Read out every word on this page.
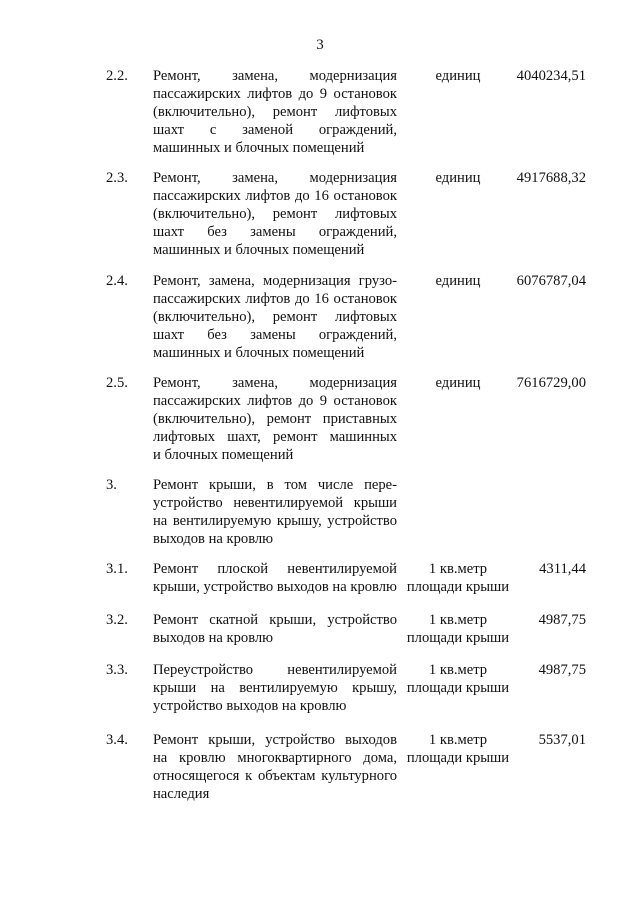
3
2.2. Ремонт, замена, модернизация
пассажирских лифтов до 9 остановок
(включительно), ремонт лифтовых
шахт с заменой ограждений,
машинных и блочных помещений
единиц	4040234,51
2.3. Ремонт, замена, модернизация
пассажирских лифтов до 16 остановок
(включительно), ремонт лифтовых
шахт без замены ограждений,
машинных и блочных помещений
единиц	4917688,32
2.4. Ремонт, замена, модернизация грузо-
пассажирских лифтов до 16 остановок
(включительно), ремонт лифтовых
шахт без замены ограждений,
машинных и блочных помещений
единиц	6076787,04
2.5. Ремонт, замена, модернизация
пассажирских лифтов до 9 остановок
(включительно), ремонт приставных
лифтовых шахт, ремонт машинных
и блочных помещений
единиц	7616729,00
3. Ремонт крыши, в том числе пере-
устройство невентилируемой крыши
на вентилируемую крышу, устройство
выходов на кровлю
3.1. Ремонт плоской невентилируемой
крыши, устройство выходов на кровлю
1 кв.метр
площади крыши
4311,44
3.2. Ремонт скатной крыши, устройство
выходов на кровлю
1 кв.метр
площади крыши
4987,75
3.3. Переустройство невентилируемой
крыши на вентилируемую крышу,
устройство выходов на кровлю
1 кв.метр
площади крыши
4987,75
3.4. Ремонт крыши, устройство выходов
на кровлю многоквартирного дома,
относящегося к объектам культурного
наследия
1 кв.метр
площади крыши
5537,01
